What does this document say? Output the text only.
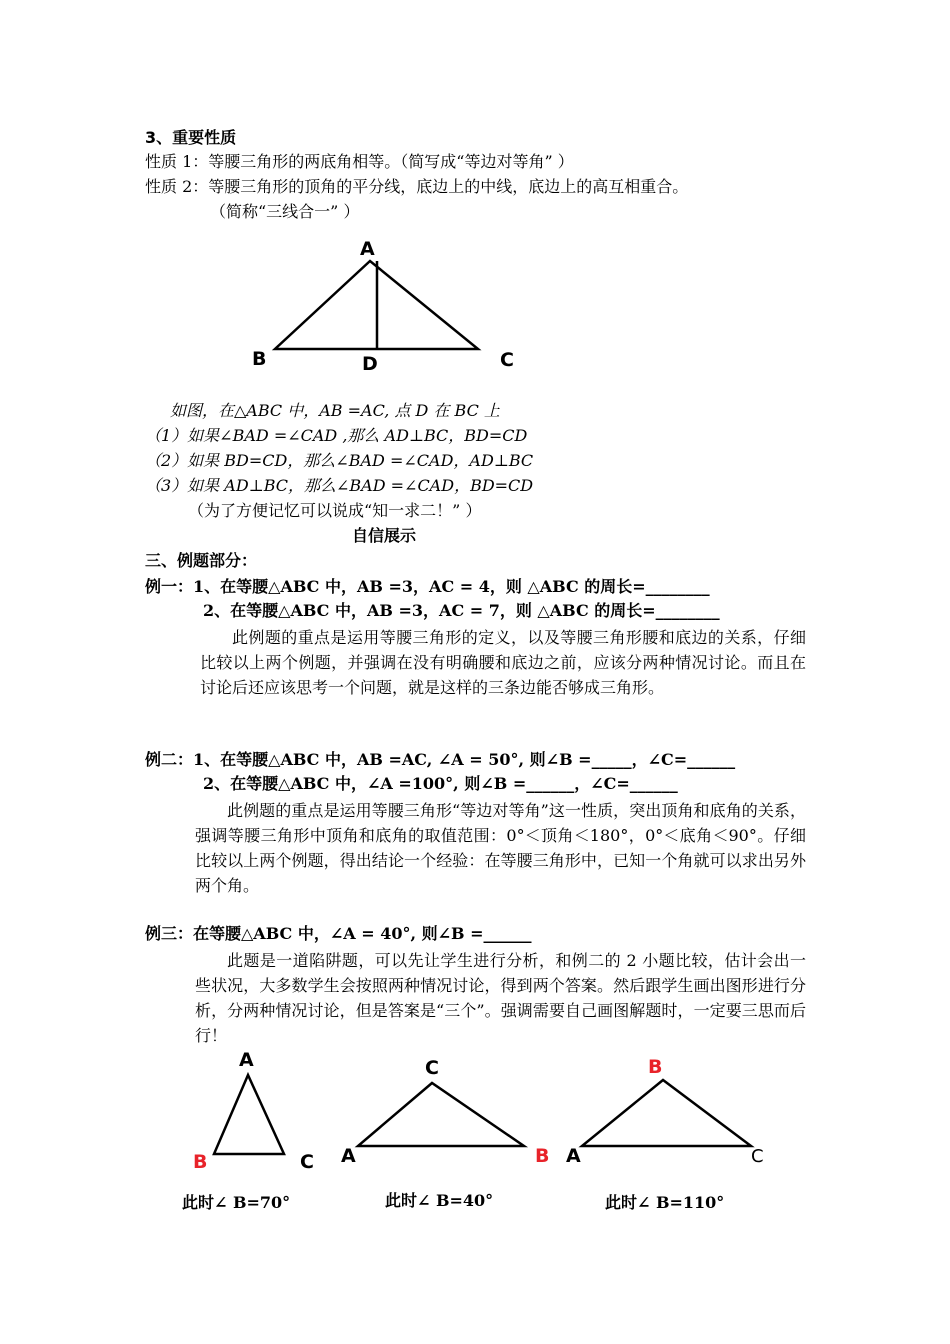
3、重要性质
性质 1：等腰三角形的两底角相等。（简写成“等边对等角” ）
性质 2：等腰三角形的顶角的平分线，底边上的中线，底边上的高互相重合。
（简称“三线合一” ）
A
B	D	C
如图，在△ABC 中，AB =AC, 点 D 在 BC 上
（1）如果∠BAD =∠CAD ,那么 AD⊥BC，BD=CD
（2）如果 BD=CD，那么∠BAD =∠CAD，AD⊥BC
（3）如果 AD⊥BC，那么∠BAD =∠CAD，BD=CD
（为了方便记忆可以说成“知一求二！” ）
自信展示
三、例题部分：
例一：1、在等腰△ABC 中，AB =3，AC = 4，则 △ABC 的周长=________
2、在等腰△ABC 中，AB =3，AC = 7，则 △ABC 的周长=________
此例题的重点是运用等腰三角形的定义，以及等腰三角形腰和底边的关系，仔细比较以上两个例题，并强调在没有明确腰和底边之前，应该分两种情况讨论。而且在讨论后还应该思考一个问题，就是这样的三条边能否够成三角形。
例二：1、在等腰△ABC 中，AB =AC, ∠A = 50°, 则∠B =_____，∠C=______
2、在等腰△ABC 中，∠A =100°, 则∠B =______，∠C=______
此例题的重点是运用等腰三角形“等边对等角”这一性质，突出顶角和底角的关系，强调等腰三角形中顶角和底角的取值范围：0°＜顶角＜180°，0°＜底角＜90°。仔细比较以上两个例题，得出结论一个经验：在等腰三角形中，已知一个角就可以求出另外两个角。
例三：在等腰△ABC 中，∠A = 40°, 则∠B =______
此题是一道陷阱题，可以先让学生进行分析，和例二的 2 小题比较，估计会出一些状况，大多数学生会按照两种情况讨论，得到两个答案。然后跟学生画出图形进行分析，分两种情况讨论，但是答案是“三个”。强调需要自己画图解题时，一定要三思而后行！
A
B	C
C
A	B
B
A	C
此时∠ B=70°	此时∠ B=40°	此时∠ B=110°
